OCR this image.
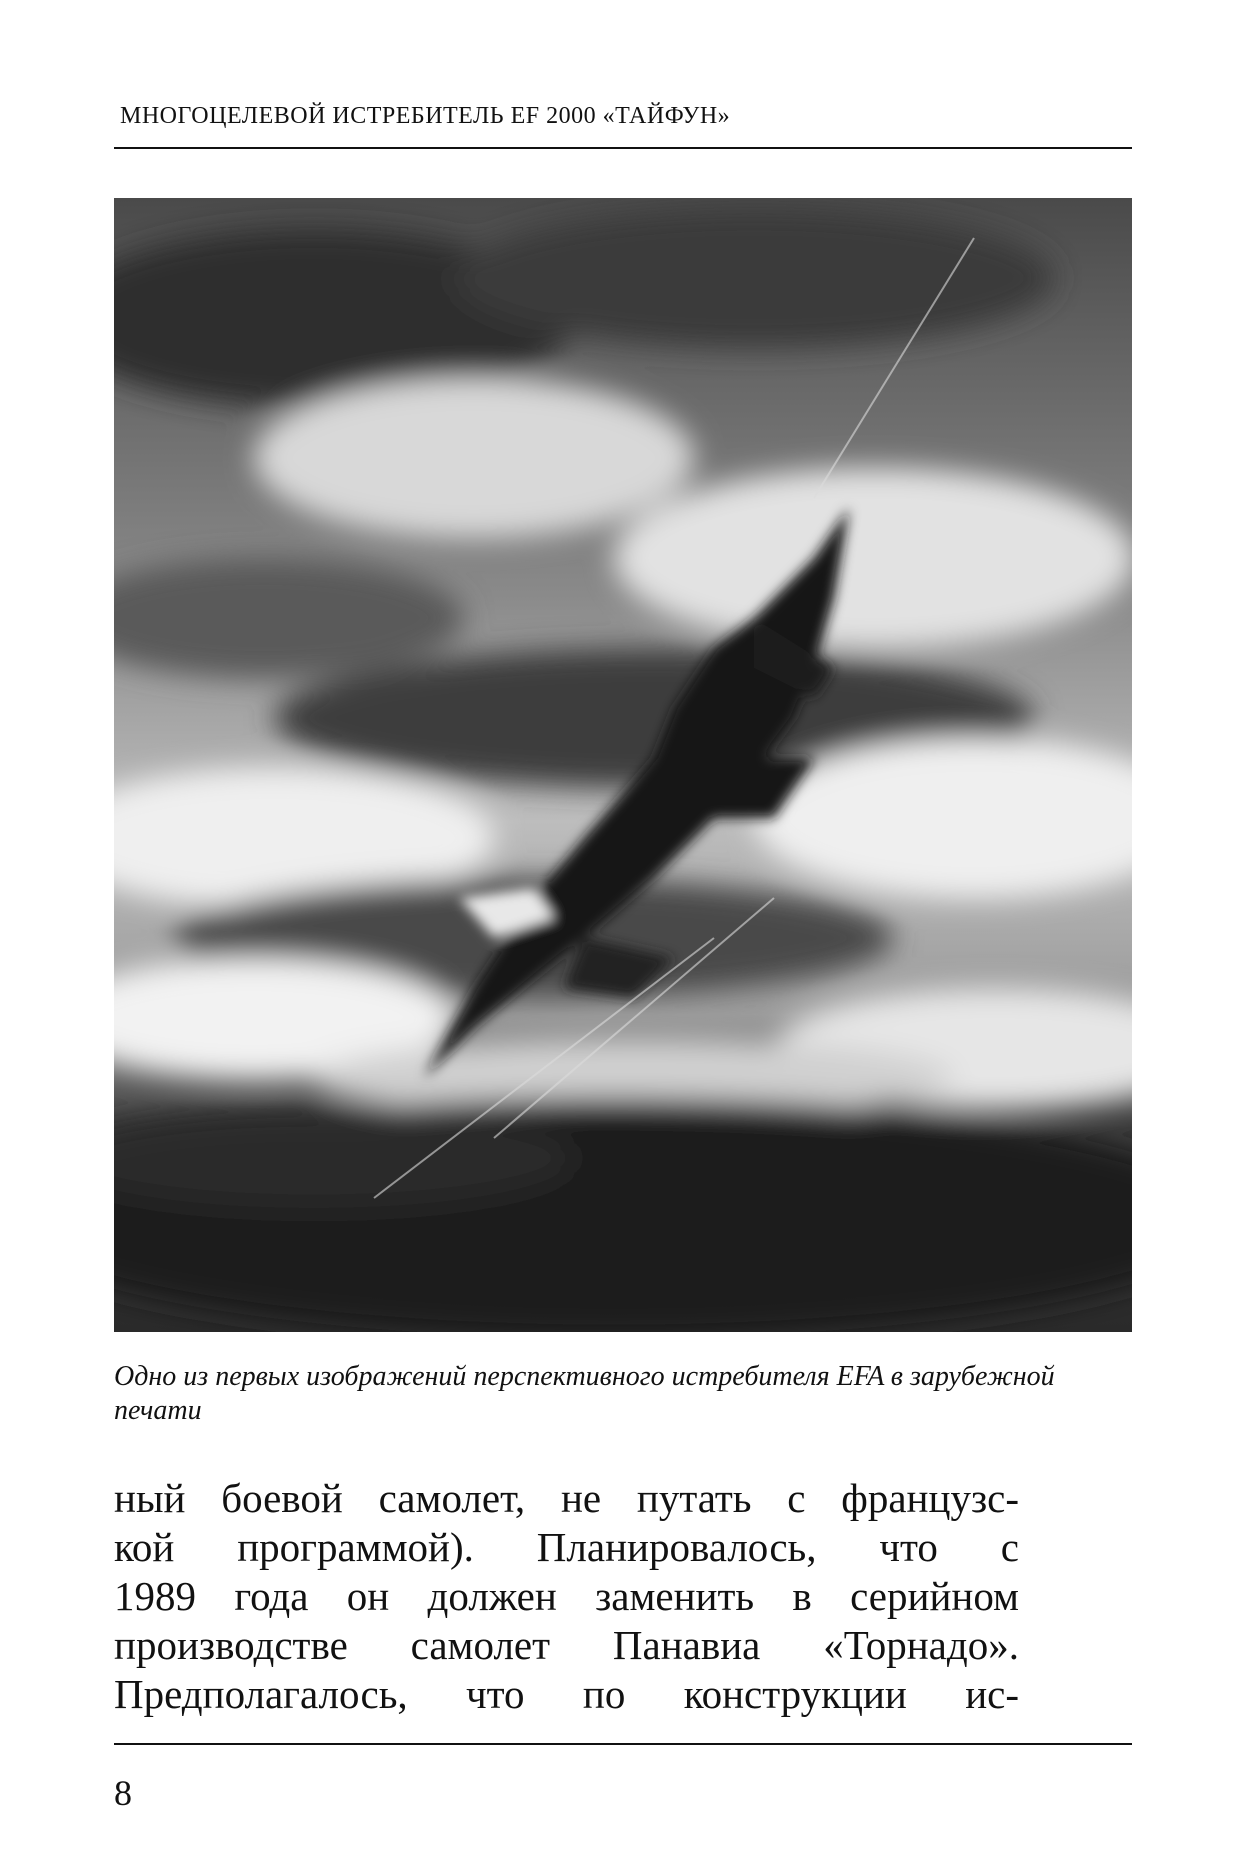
МНОГОЦЕЛЕВОЙ ИСТРЕБИТЕЛЬ EF 2000 «ТАЙФУН»
Одно из первых изображений перспективного истребителя EFA в зарубежной печати
ный боевой самолет, не путать с французс-
кой программой). Планировалось, что с
1989 года он должен заменить в серийном
производстве самолет Панавиа «Торнадо».
Предполагалось, что по конструкции ис-
8
